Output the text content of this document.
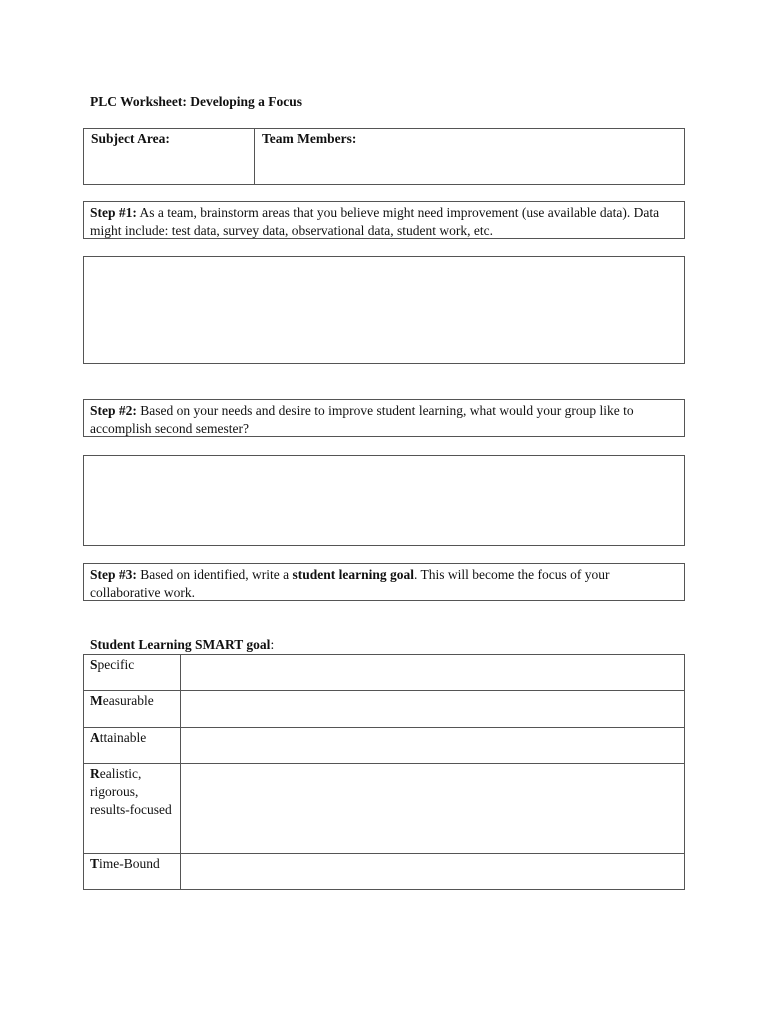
PLC Worksheet: Developing a Focus
Subject Area:	Team Members:
Step #1: As a team, brainstorm areas that you believe might need improvement (use available data). Data might include: test data, survey data, observational data, student work, etc.
Step #2: Based on your needs and desire to improve student learning, what would your group like to accomplish second semester?
Step #3: Based on identified, write a student learning goal. This will become the focus of your collaborative work.
Student Learning SMART goal:
Specific	
Measurable	
Attainable	
Realistic, rigorous, results-focused	
Time-Bound	
